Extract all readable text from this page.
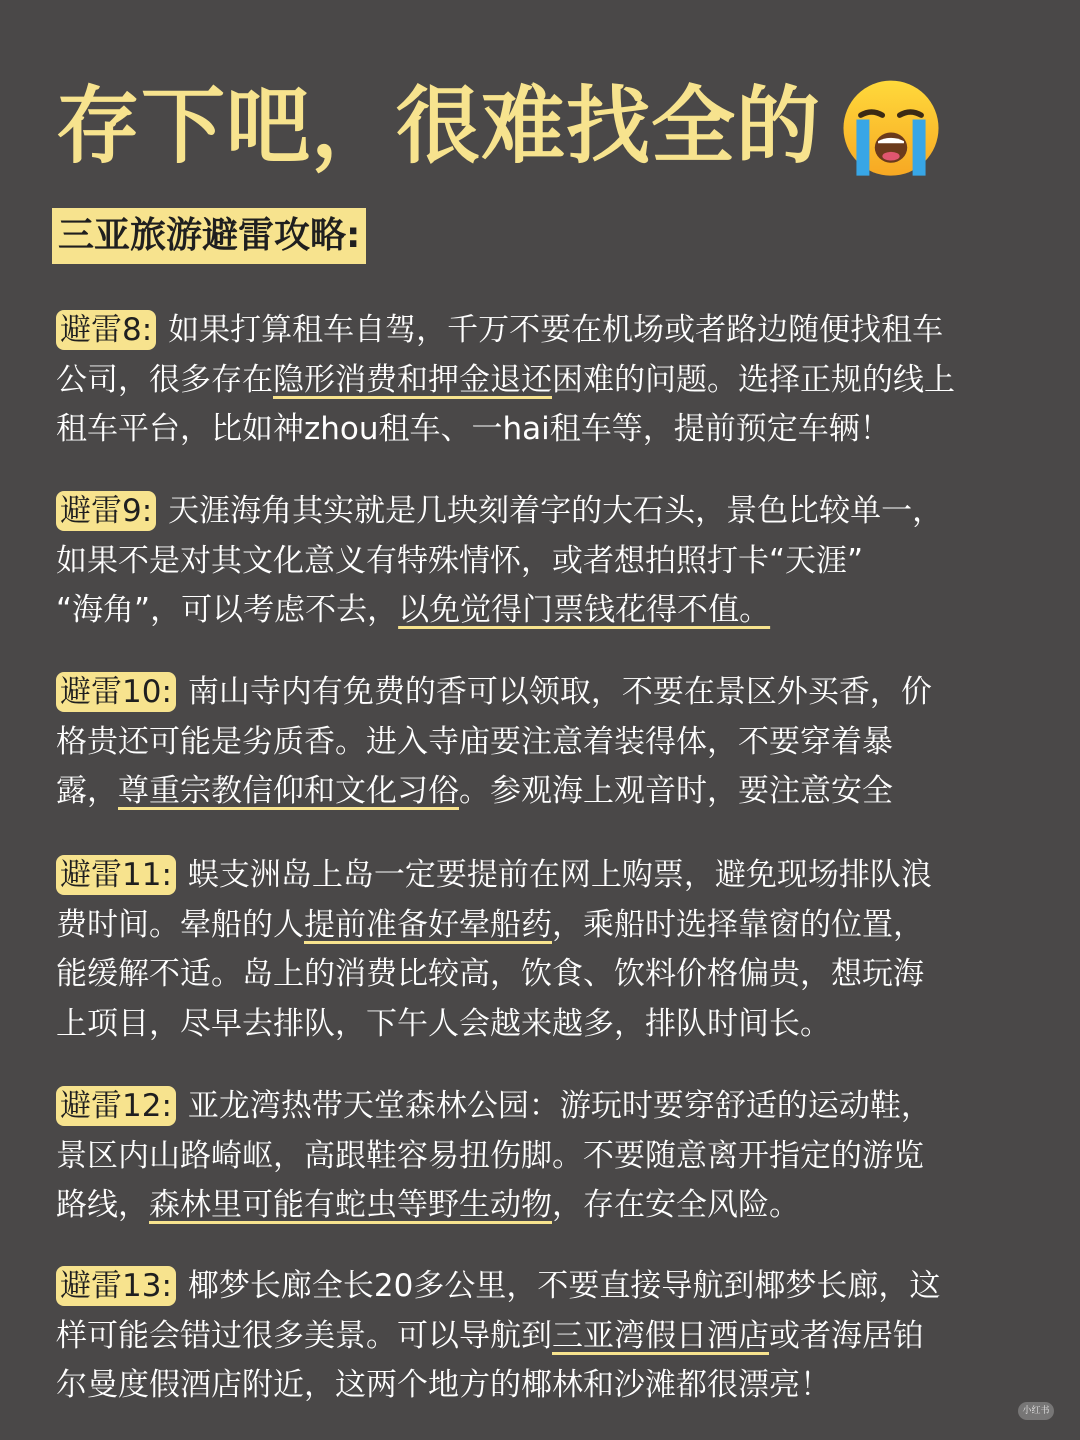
存下吧，很难找全的
三亚旅游避雷攻略:
避雷8: 如果打算租车自驾，千万不要在机场或者路边随便找租车
公司，很多存在隐形消费和押金退还困难的问题。选择正规的线上
租车平台，比如神zhou租车、一hai租车等，提前预定车辆！
避雷9: 天涯海角其实就是几块刻着字的大石头，景色比较单一，
如果不是对其文化意义有特殊情怀，或者想拍照打卡“天涯”
“海角”，可以考虑不去，以免觉得门票钱花得不值。
避雷10: 南山寺内有免费的香可以领取，不要在景区外买香，价
格贵还可能是劣质香。进入寺庙要注意着装得体，不要穿着暴
露，尊重宗教信仰和文化习俗。参观海上观音时，要注意安全
避雷11: 蜈支洲岛上岛一定要提前在网上购票，避免现场排队浪
费时间。晕船的人提前准备好晕船药，乘船时选择靠窗的位置，
能缓解不适。岛上的消费比较高，饮食、饮料价格偏贵，想玩海
上项目，尽早去排队，下午人会越来越多，排队时间长。
避雷12: 亚龙湾热带天堂森林公园：游玩时要穿舒适的运动鞋，
景区内山路崎岖，高跟鞋容易扭伤脚。不要随意离开指定的游览
路线，森林里可能有蛇虫等野生动物，存在安全风险。
避雷13: 椰梦长廊全长20多公里，不要直接导航到椰梦长廊，这
样可能会错过很多美景。可以导航到三亚湾假日酒店或者海居铂
尔曼度假酒店附近，这两个地方的椰林和沙滩都很漂亮！
小红书
